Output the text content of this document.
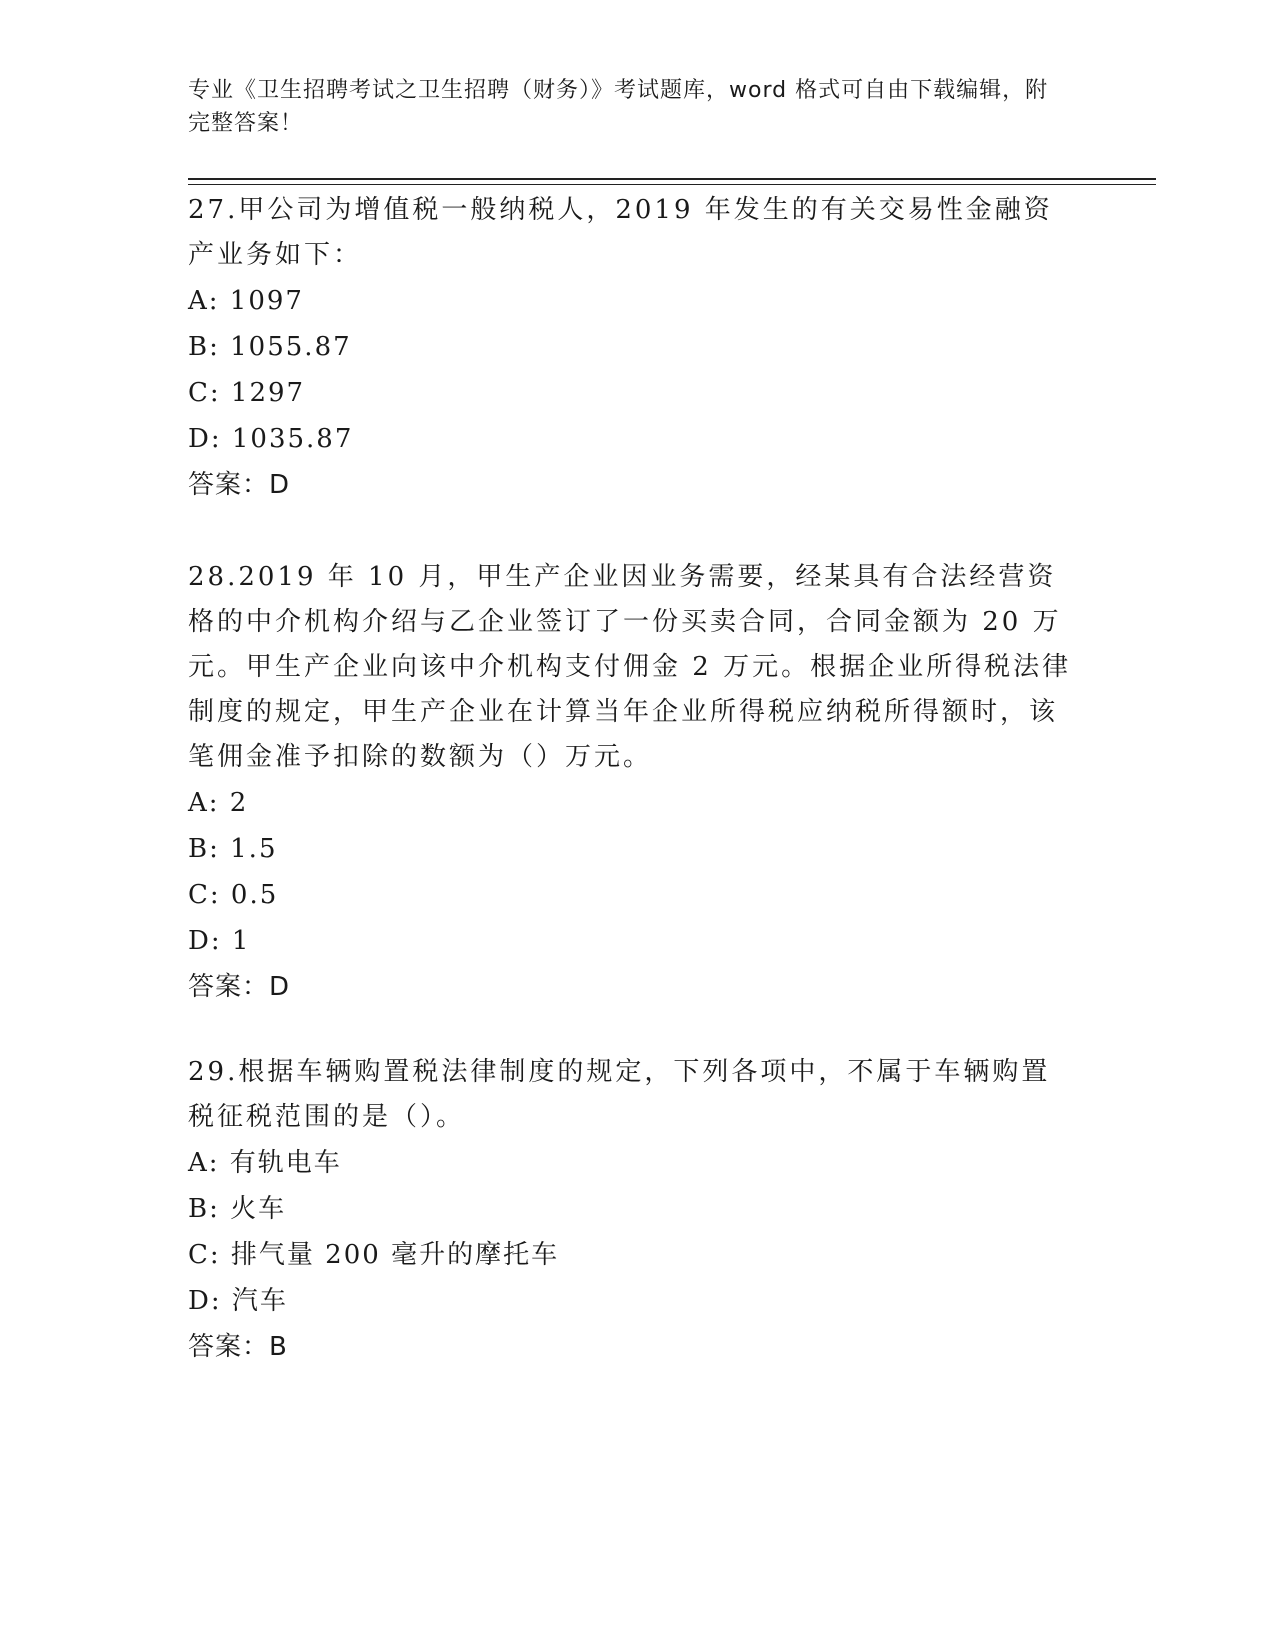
专业《卫生招聘考试之卫生招聘（财务）》考试题库，word 格式可自由下载编辑，附完整答案！

27.甲公司为增值税一般纳税人，2019 年发生的有关交易性金融资产业务如下：

A: 1097

B: 1055.87

C: 1297

D: 1035.87

答案：D

28.2019 年 10 月，甲生产企业因业务需要，经某具有合法经营资格的中介机构介绍与乙企业签订了一份买卖合同，合同金额为 20 万元。甲生产企业向该中介机构支付佣金 2 万元。根据企业所得税法律制度的规定，甲生产企业在计算当年企业所得税应纳税所得额时，该笔佣金准予扣除的数额为（）万元。

A: 2

B: 1.5

C: 0.5

D: 1

答案：D

29.根据车辆购置税法律制度的规定，下列各项中，不属于车辆购置税征税范围的是（）。

A: 有轨电车

B: 火车

C: 排气量 200 毫升的摩托车

D: 汽车

答案：B
